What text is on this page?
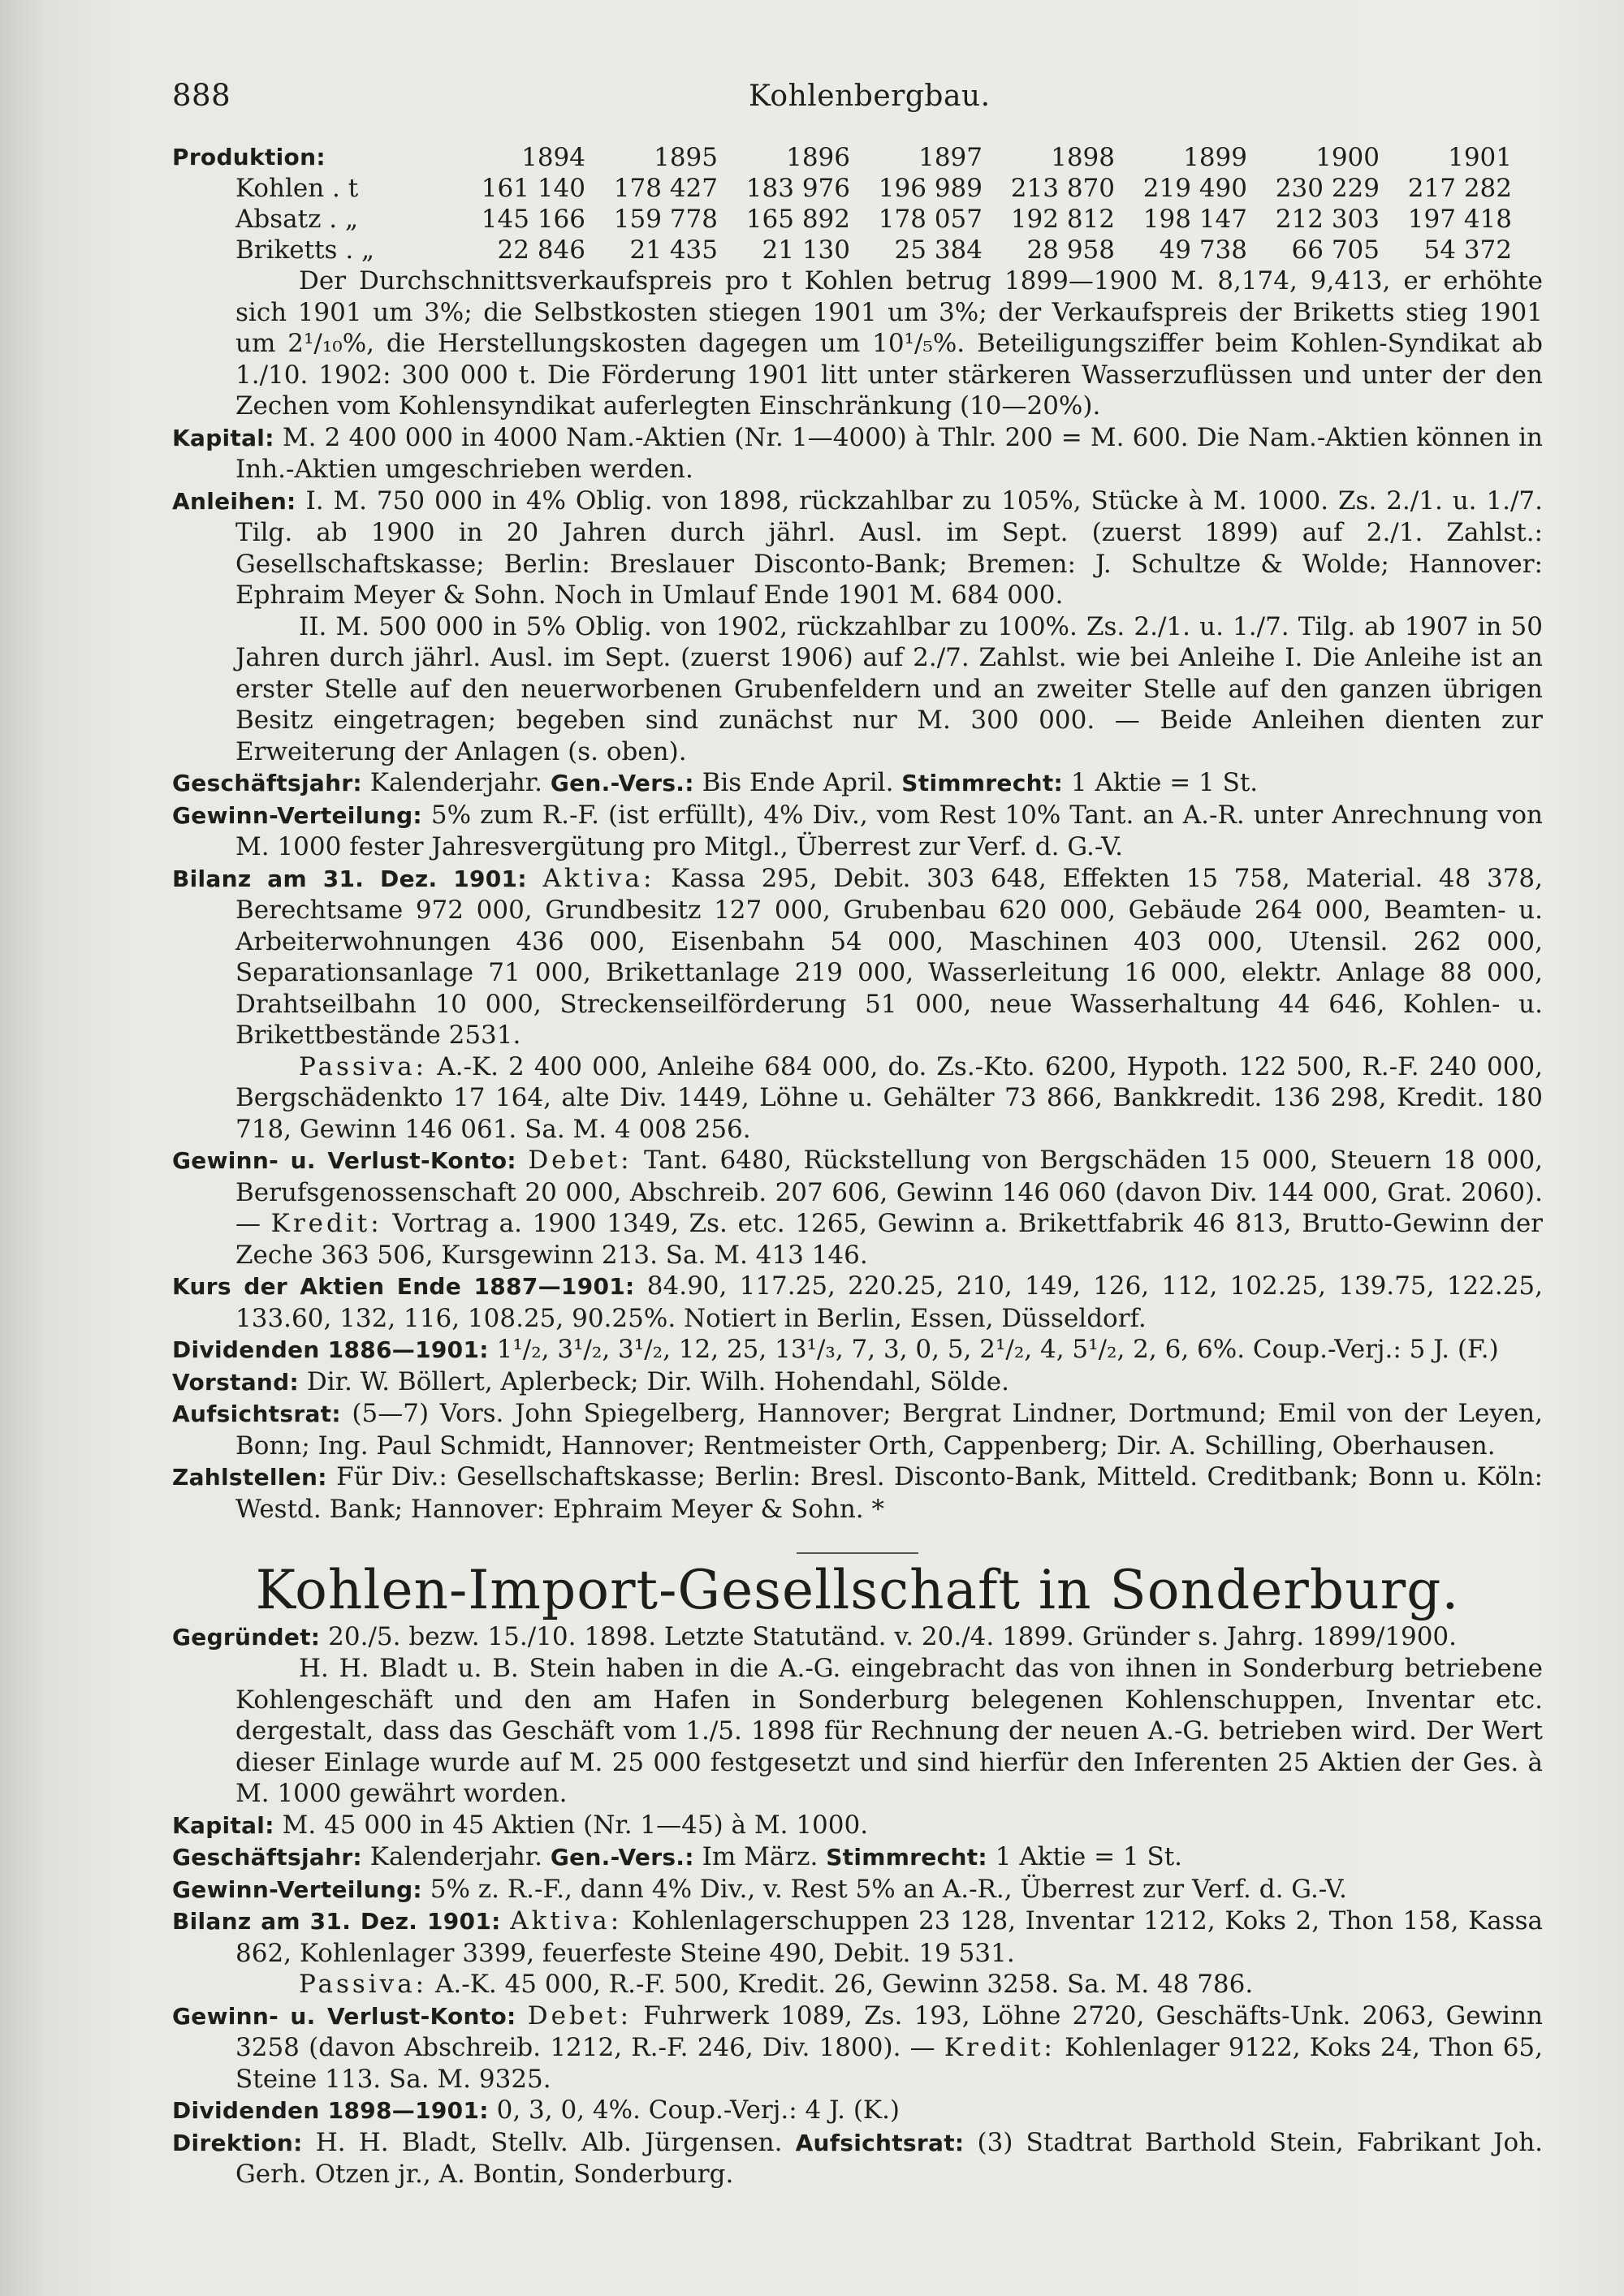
888	Kohlenbergbau.
Produktion:	1894	1895	1896	1897	1898	1899	1900	1901
Kohlen . t	161 140	178 427	183 976	196 989	213 870	219 490	230 229	217 282
Absatz . „	145 166	159 778	165 892	178 057	192 812	198 147	212 303	197 418
Briketts . „	22 846	21 435	21 130	25 384	28 958	49 738	66 705	54 372

Der Durchschnittsverkaufspreis pro t Kohlen betrug 1899—1900 M. 8,174, 9,413, er erhöhte sich 1901 um 3%; die Selbstkosten stiegen 1901 um 3%; der Verkaufspreis der Briketts stieg 1901 um 2¹/₁₀%, die Herstellungskosten dagegen um 10¹/₅%. Beteiligungsziffer beim Kohlen-Syndikat ab 1./10. 1902: 300 000 t. Die Förderung 1901 litt unter stärkeren Wasserzuflüssen und unter der den Zechen vom Kohlensyndikat auferlegten Einschränkung (10—20%).

Kapital: M. 2 400 000 in 4000 Nam.-Aktien (Nr. 1—4000) à Thlr. 200 = M. 600. Die Nam.-Aktien können in Inh.-Aktien umgeschrieben werden.

Anleihen: I. M. 750 000 in 4% Oblig. von 1898, rückzahlbar zu 105%, Stücke à M. 1000. Zs. 2./1. u. 1./7. Tilg. ab 1900 in 20 Jahren durch jährl. Ausl. im Sept. (zuerst 1899) auf 2./1. Zahlst.: Gesellschaftskasse; Berlin: Breslauer Disconto-Bank; Bremen: J. Schultze & Wolde; Hannover: Ephraim Meyer & Sohn. Noch in Umlauf Ende 1901 M. 684 000.

II. M. 500 000 in 5% Oblig. von 1902, rückzahlbar zu 100%. Zs. 2./1. u. 1./7. Tilg. ab 1907 in 50 Jahren durch jährl. Ausl. im Sept. (zuerst 1906) auf 2./7. Zahlst. wie bei Anleihe I. Die Anleihe ist an erster Stelle auf den neuerworbenen Grubenfeldern und an zweiter Stelle auf den ganzen übrigen Besitz eingetragen; begeben sind zunächst nur M. 300 000. — Beide Anleihen dienten zur Erweiterung der Anlagen (s. oben).

Geschäftsjahr: Kalenderjahr. Gen.-Vers.: Bis Ende April. Stimmrecht: 1 Aktie = 1 St.

Gewinn-Verteilung: 5% zum R.-F. (ist erfüllt), 4% Div., vom Rest 10% Tant. an A.-R. unter Anrechnung von M. 1000 fester Jahresvergütung pro Mitgl., Überrest zur Verf. d. G.-V.

Bilanz am 31. Dez. 1901: Aktiva: Kassa 295, Debit. 303 648, Effekten 15 758, Material. 48 378, Berechtsame 972 000, Grundbesitz 127 000, Grubenbau 620 000, Gebäude 264 000, Beamten- u. Arbeiterwohnungen 436 000, Eisenbahn 54 000, Maschinen 403 000, Utensil. 262 000, Separationsanlage 71 000, Brikettanlage 219 000, Wasserleitung 16 000, elektr. Anlage 88 000, Drahtseilbahn 10 000, Streckenseilförderung 51 000, neue Wasserhaltung 44 646, Kohlen- u. Brikettbestände 2531.

Passiva: A.-K. 2 400 000, Anleihe 684 000, do. Zs.-Kto. 6200, Hypoth. 122 500, R.-F. 240 000, Bergschädenkto 17 164, alte Div. 1449, Löhne u. Gehälter 73 866, Bankkredit. 136 298, Kredit. 180 718, Gewinn 146 061. Sa. M. 4 008 256.

Gewinn- u. Verlust-Konto: Debet: Tant. 6480, Rückstellung von Bergschäden 15 000, Steuern 18 000, Berufsgenossenschaft 20 000, Abschreib. 207 606, Gewinn 146 060 (davon Div. 144 000, Grat. 2060). — Kredit: Vortrag a. 1900 1349, Zs. etc. 1265, Gewinn a. Brikettfabrik 46 813, Brutto-Gewinn der Zeche 363 506, Kursgewinn 213. Sa. M. 413 146.

Kurs der Aktien Ende 1887—1901: 84.90, 117.25, 220.25, 210, 149, 126, 112, 102.25, 139.75, 122.25, 133.60, 132, 116, 108.25, 90.25%. Notiert in Berlin, Essen, Düsseldorf.

Dividenden 1886—1901: 1¹/₂, 3¹/₂, 3¹/₂, 12, 25, 13¹/₃, 7, 3, 0, 5, 2¹/₂, 4, 5¹/₂, 2, 6, 6%. Coup.-Verj.: 5 J. (F.)

Vorstand: Dir. W. Böllert, Aplerbeck; Dir. Wilh. Hohendahl, Sölde.

Aufsichtsrat: (5—7) Vors. John Spiegelberg, Hannover; Bergrat Lindner, Dortmund; Emil von der Leyen, Bonn; Ing. Paul Schmidt, Hannover; Rentmeister Orth, Cappenberg; Dir. A. Schilling, Oberhausen.

Zahlstellen: Für Div.: Gesellschaftskasse; Berlin: Bresl. Disconto-Bank, Mitteld. Creditbank; Bonn u. Köln: Westd. Bank; Hannover: Ephraim Meyer & Sohn. *

Kohlen-Import-Gesellschaft in Sonderburg.

Gegründet: 20./5. bezw. 15./10. 1898. Letzte Statutänd. v. 20./4. 1899. Gründer s. Jahrg. 1899/1900.

H. H. Bladt u. B. Stein haben in die A.-G. eingebracht das von ihnen in Sonderburg betriebene Kohlengeschäft und den am Hafen in Sonderburg belegenen Kohlenschuppen, Inventar etc. dergestalt, dass das Geschäft vom 1./5. 1898 für Rechnung der neuen A.-G. betrieben wird. Der Wert dieser Einlage wurde auf M. 25 000 festgesetzt und sind hierfür den Inferenten 25 Aktien der Ges. à M. 1000 gewährt worden.

Kapital: M. 45 000 in 45 Aktien (Nr. 1—45) à M. 1000.

Geschäftsjahr: Kalenderjahr. Gen.-Vers.: Im März. Stimmrecht: 1 Aktie = 1 St.

Gewinn-Verteilung: 5% z. R.-F., dann 4% Div., v. Rest 5% an A.-R., Überrest zur Verf. d. G.-V.

Bilanz am 31. Dez. 1901: Aktiva: Kohlenlagerschuppen 23 128, Inventar 1212, Koks 2, Thon 158, Kassa 862, Kohlenlager 3399, feuerfeste Steine 490, Debit. 19 531.

Passiva: A.-K. 45 000, R.-F. 500, Kredit. 26, Gewinn 3258. Sa. M. 48 786.

Gewinn- u. Verlust-Konto: Debet: Fuhrwerk 1089, Zs. 193, Löhne 2720, Geschäfts-Unk. 2063, Gewinn 3258 (davon Abschreib. 1212, R.-F. 246, Div. 1800). — Kredit: Kohlenlager 9122, Koks 24, Thon 65, Steine 113. Sa. M. 9325.

Dividenden 1898—1901: 0, 3, 0, 4%. Coup.-Verj.: 4 J. (K.)

Direktion: H. H. Bladt, Stellv. Alb. Jürgensen. Aufsichtsrat: (3) Stadtrat Barthold Stein, Fabrikant Joh. Gerh. Otzen jr., A. Bontin, Sonderburg.
